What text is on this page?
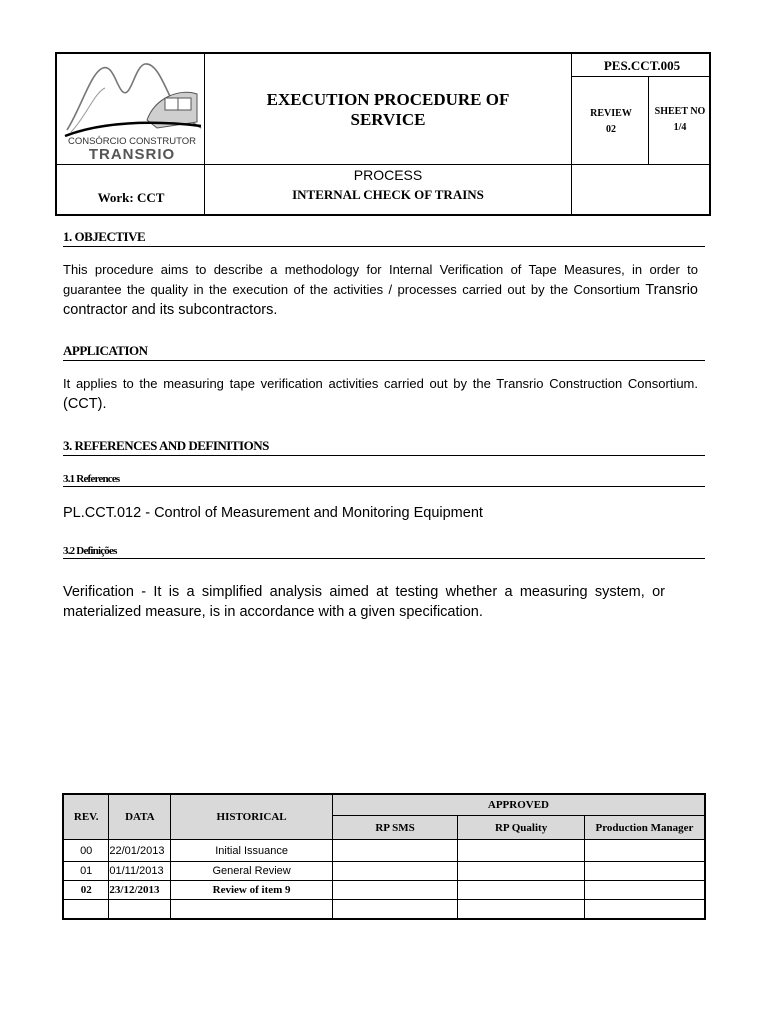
CONSÓRCIO CONSTRUTOR
TRANSRIO
EXECUTION PROCEDURE OF
SERVICE
PES.CCT.005
REVIEW
02
SHEET NO
1/4
PROCESS
INTERNAL CHECK OF TRAINS
Work: CCT
1. OBJECTIVE
This procedure aims to describe a methodology for Internal Verification of Tape Measures, in order to guarantee the quality in the execution of the activities / processes carried out by the Consortium Transrio contractor and its subcontractors.
APPLICATION
It applies to the measuring tape verification activities carried out by the Transrio Construction Consortium. (CCT).
3. REFERENCES AND DEFINITIONS
3.1 References
PL.CCT.012 - Control of Measurement and Monitoring Equipment
3.2 Definições
Verification - It is a simplified analysis aimed at testing whether a measuring system, or materialized measure, is in accordance with a given specification.
REV.	DATA	HISTORICAL	APPROVED		
			RP SMS	RP Quality	Production Manager
00	22/01/2013	Initial Issuance			
01	01/11/2013	General Review			
02	23/12/2013	Review of item 9			
